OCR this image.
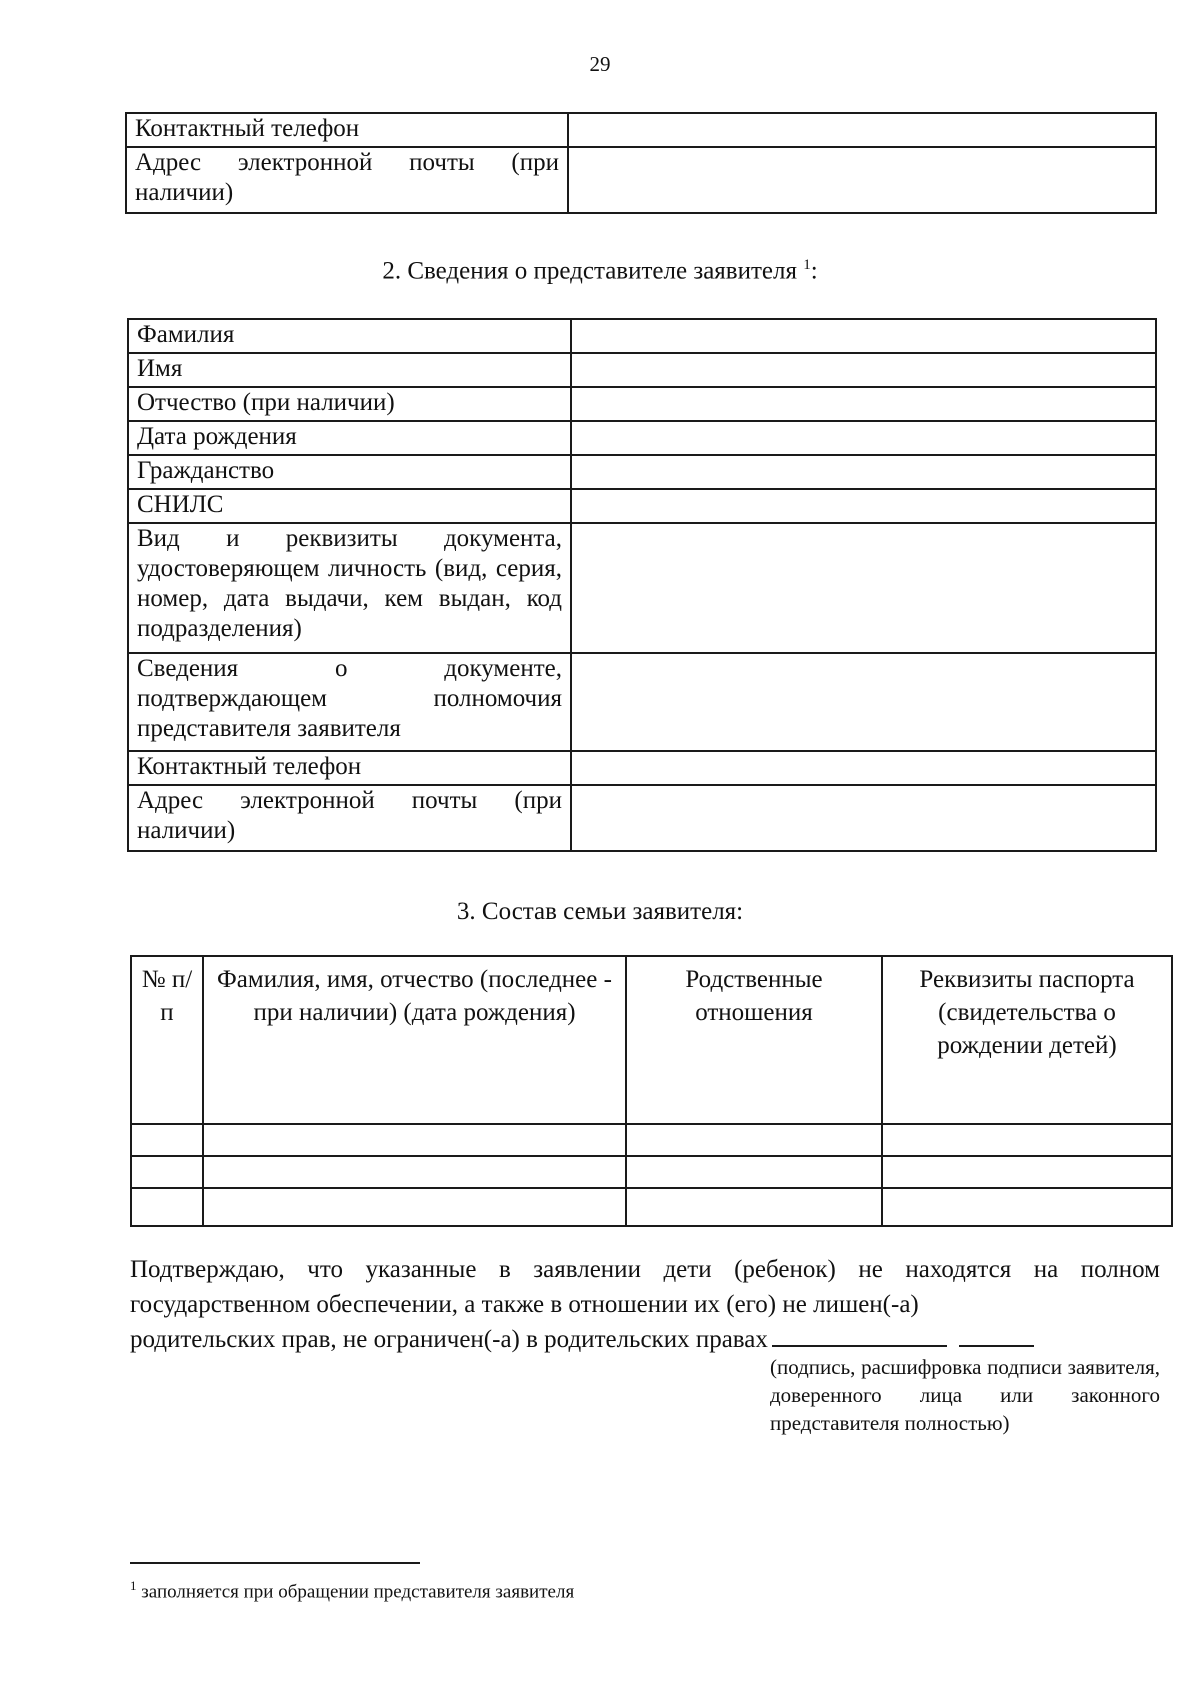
29
Контактный телефон	
Адрес электронной почты (при наличии)	
2. Сведения о представителе заявителя $^1$:
Фамилия	
Имя	
Отчество (при наличии)	
Дата рождения	
Гражданство	
СНИЛС	
Вид и реквизиты документа, удостоверяющем личность (вид, серия, номер, дата выдачи, кем выдан, код подразделения)	
Сведения о документе, подтверждающем полномочия представителя заявителя	
Контактный телефон	
Адрес электронной почты (при наличии)	
3. Состав семьи заявителя:
№ п/п	Фамилия, имя, отчество (последнее - при наличии) (дата рождения)	Родственные отношения	Реквизиты паспорта (свидетельства о рождении детей)

Подтверждаю, что указанные в заявлении дети (ребенок) не находятся на полном государственном обеспечении, а также в отношении их (его) не лишен(-а)
родительских прав, не ограничен(-а) в родительских правах
(подпись, расшифровка подписи заявителя, доверенного лица или законного представителя полностью)
$^1$ заполняется при обращении представителя заявителя
